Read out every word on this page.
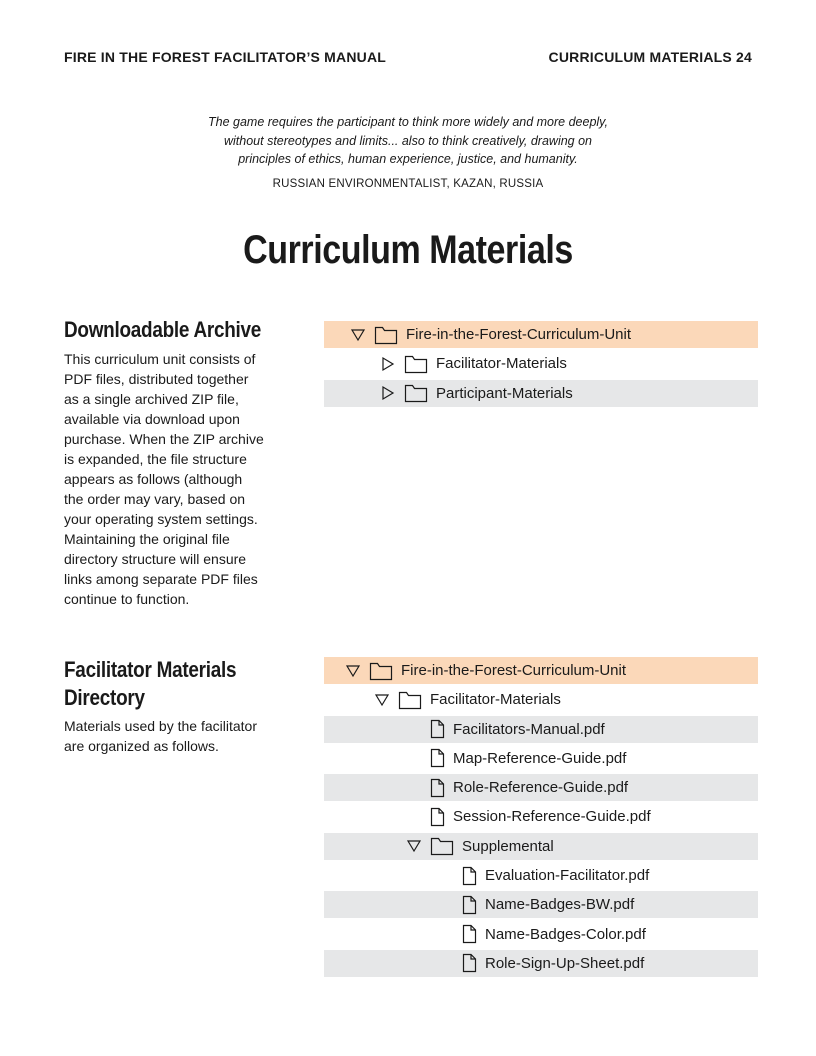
FIRE IN THE FOREST FACILITATOR’S MANUAL	CURRICULUM MATERIALS 24
The game requires the participant to think more widely and more deeply,
without stereotypes and limits... also to think creatively, drawing on
principles of ethics, human experience, justice, and humanity.
RUSSIAN ENVIRONMENTALIST, KAZAN, RUSSIA
Curriculum Materials
Downloadable Archive
This curriculum unit consists of
PDF files, distributed together
as a single archived ZIP file,
available via download upon
purchase. When the ZIP archive
is expanded, the file structure
appears as follows (although
the order may vary, based on
your operating system settings.
Maintaining the original file
directory structure will ensure
links among separate PDF files
continue to function.
Fire-in-the-Forest-Curriculum-Unit
Facilitator-Materials
Participant-Materials
Facilitator Materials
Directory
Materials used by the facilitator
are organized as follows.
Fire-in-the-Forest-Curriculum-Unit
Facilitator-Materials
Facilitators-Manual.pdf
Map-Reference-Guide.pdf
Role-Reference-Guide.pdf
Session-Reference-Guide.pdf
Supplemental
Evaluation-Facilitator.pdf
Name-Badges-BW.pdf
Name-Badges-Color.pdf
Role-Sign-Up-Sheet.pdf
